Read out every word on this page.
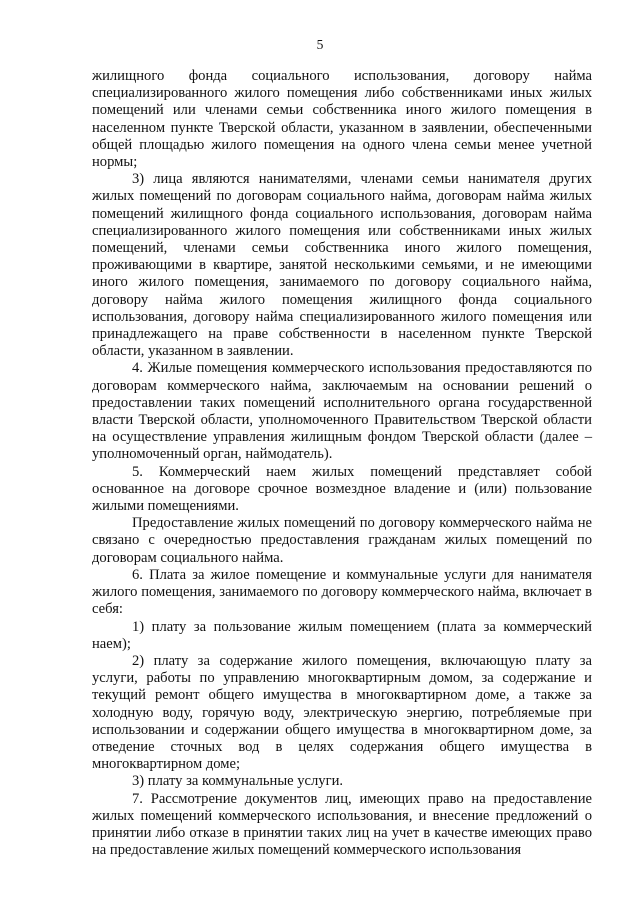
5

жилищного фонда социального использования, договору найма специализированного жилого помещения либо собственниками иных жилых помещений или членами семьи собственника иного жилого помещения в населенном пункте Тверской области, указанном в заявлении, обеспеченными общей площадью жилого помещения на одного члена семьи менее учетной нормы;

3) лица являются нанимателями, членами семьи нанимателя других жилых помещений по договорам социального найма, договорам найма жилых помещений жилищного фонда социального использования, договорам найма специализированного жилого помещения или собственниками иных жилых помещений, членами семьи собственника иного жилого помещения, проживающими в квартире, занятой несколькими семьями, и не имеющими иного жилого помещения, занимаемого по договору социального найма, договору найма жилого помещения жилищного фонда социального использования, договору найма специализированного жилого помещения или принадлежащего на праве собственности в населенном пункте Тверской области, указанном в заявлении.

4. Жилые помещения коммерческого использования предоставляются по договорам коммерческого найма, заключаемым на основании решений о предоставлении таких помещений исполнительного органа государственной власти Тверской области, уполномоченного Правительством Тверской области на осуществление управления жилищным фондом Тверской области (далее – уполномоченный орган, наймодатель).

5. Коммерческий наем жилых помещений представляет собой основанное на договоре срочное возмездное владение и (или) пользование жилыми помещениями.

Предоставление жилых помещений по договору коммерческого найма не связано с очередностью предоставления гражданам жилых помещений по договорам социального найма.

6. Плата за жилое помещение и коммунальные услуги для нанимателя жилого помещения, занимаемого по договору коммерческого найма, включает в себя:

1) плату за пользование жилым помещением (плата за коммерческий наем);

2) плату за содержание жилого помещения, включающую плату за услуги, работы по управлению многоквартирным домом, за содержание и текущий ремонт общего имущества в многоквартирном доме, а также за холодную воду, горячую воду, электрическую энергию, потребляемые при использовании и содержании общего имущества в многоквартирном доме, за отведение сточных вод в целях содержания общего имущества в многоквартирном доме;

3) плату за коммунальные услуги.

7. Рассмотрение документов лиц, имеющих право на предоставление жилых помещений коммерческого использования, и внесение предложений о принятии либо отказе в принятии таких лиц на учет в качестве имеющих право на предоставление жилых помещений коммерческого использования
